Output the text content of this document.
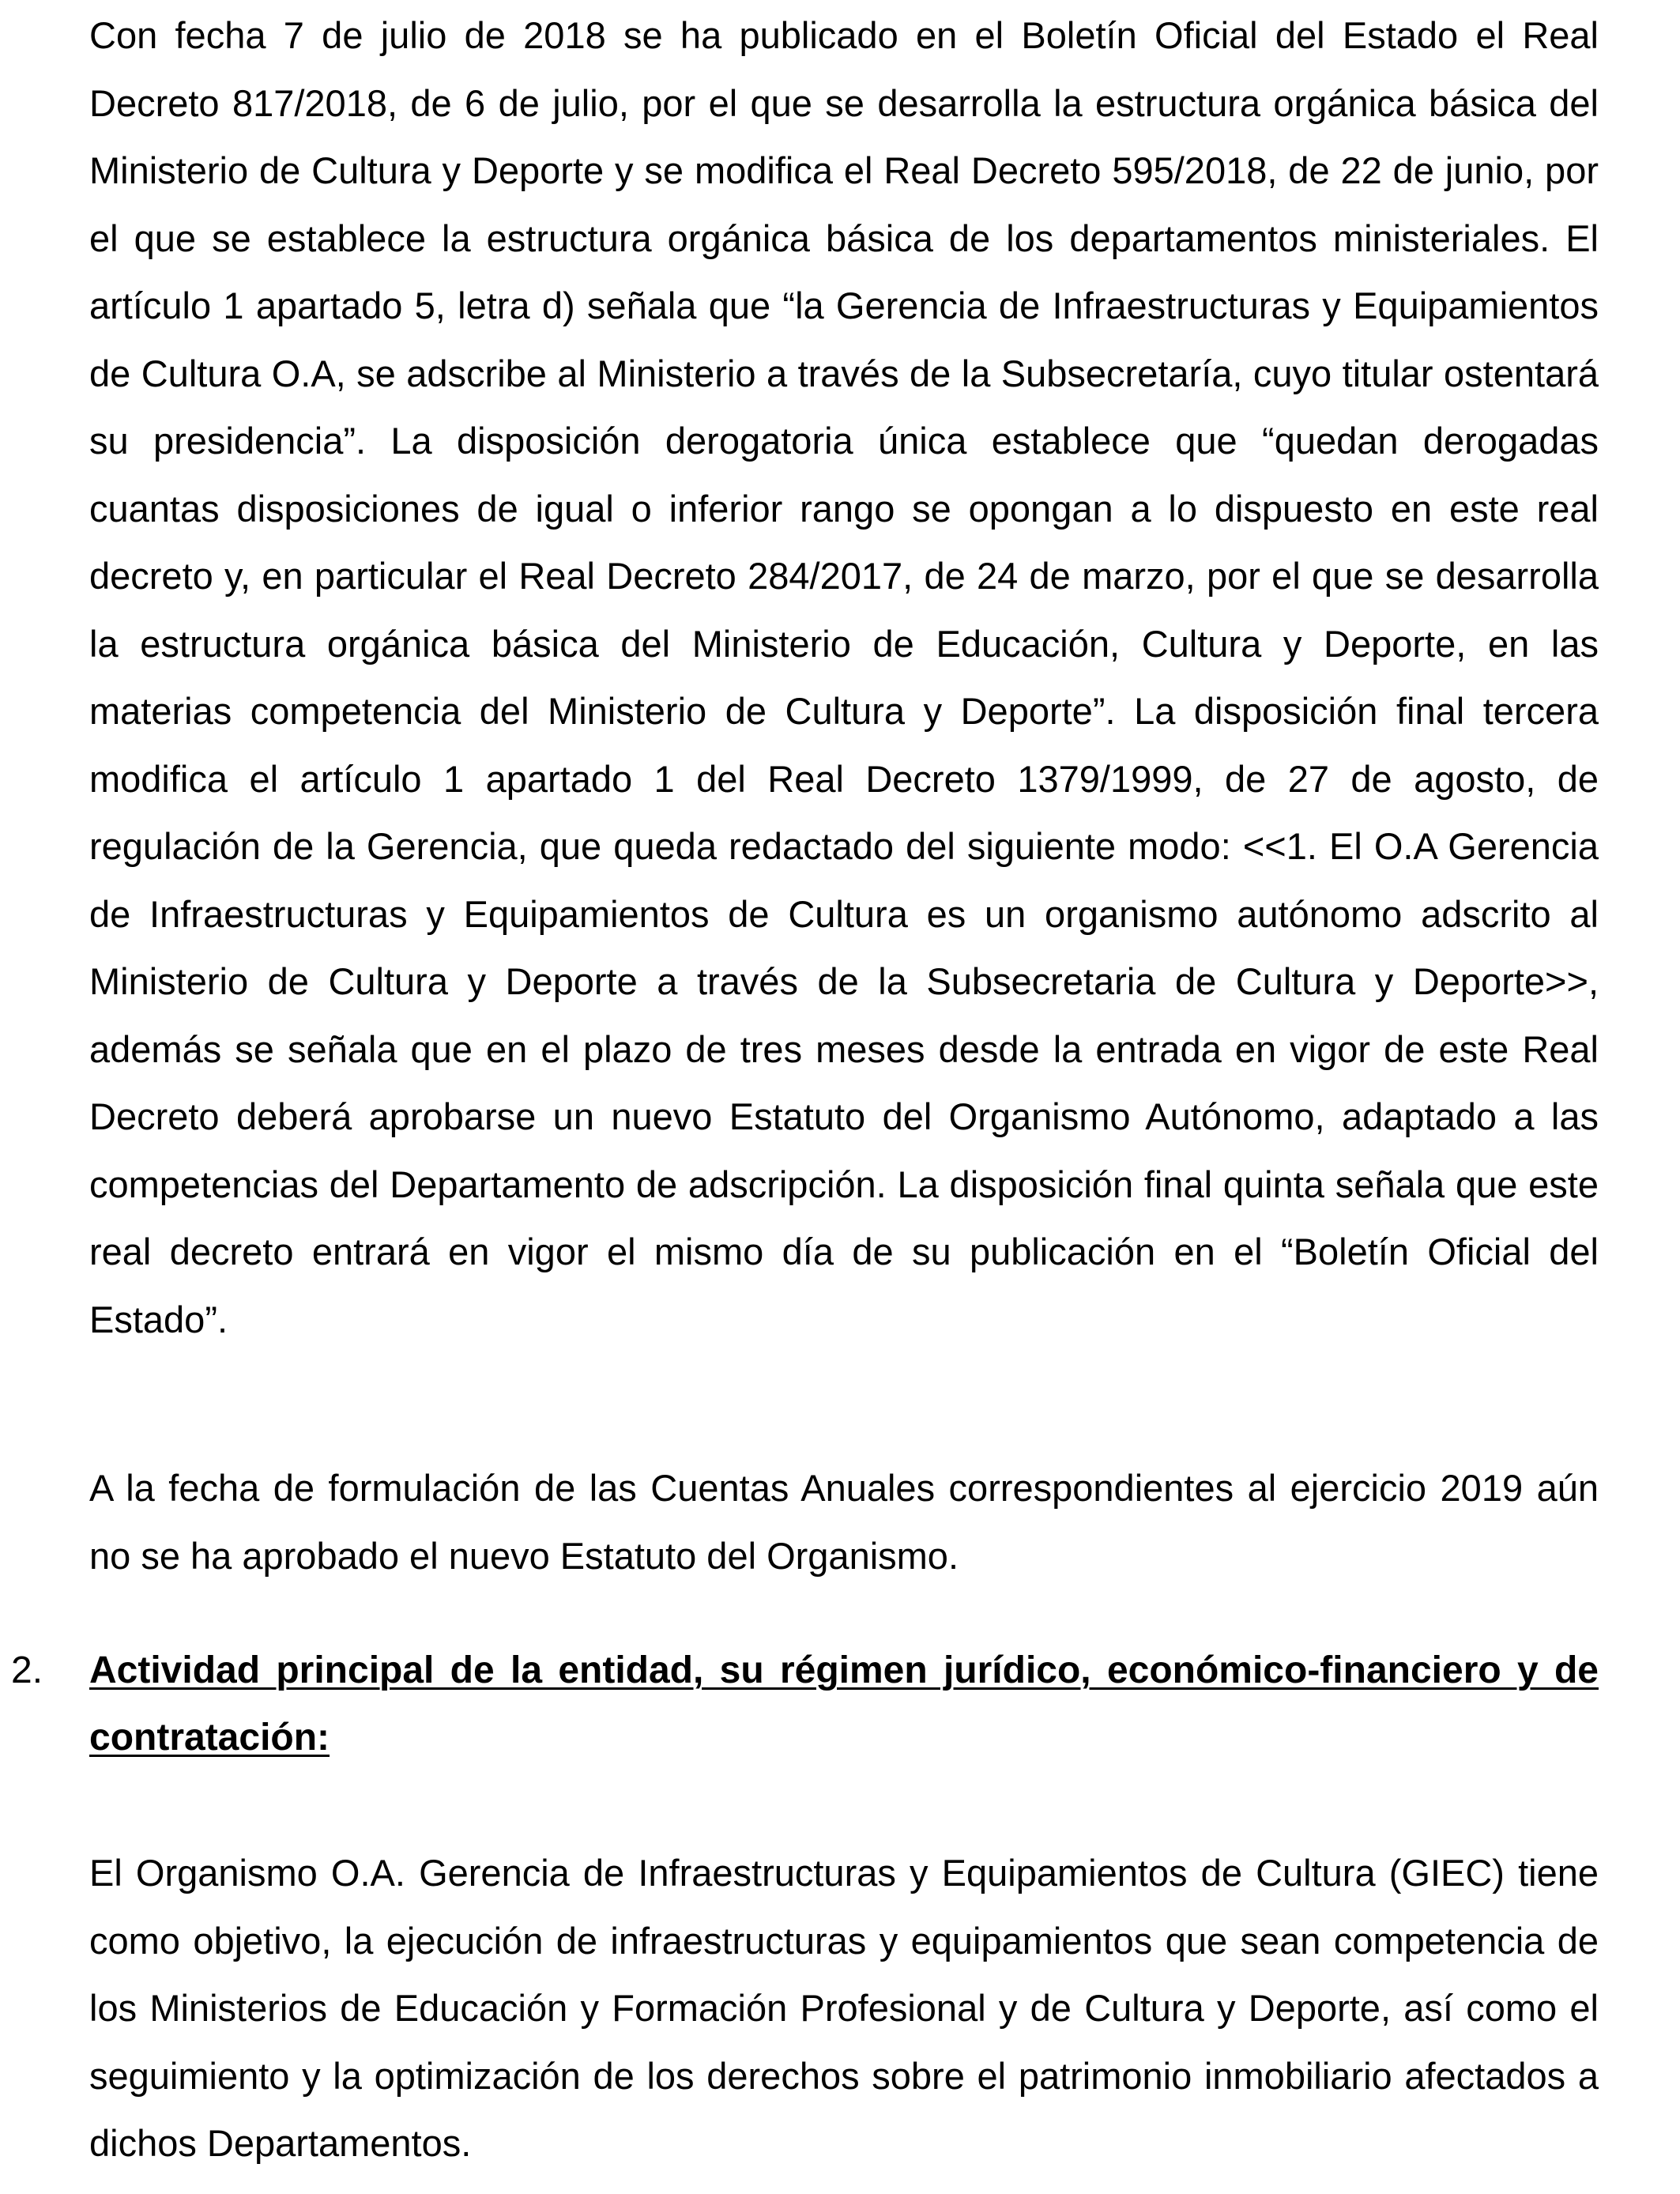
Con fecha 7 de julio de 2018 se ha publicado en el Boletín Oficial del Estado el Real Decreto 817/2018, de 6 de julio, por el que se desarrolla la estructura orgánica básica del Ministerio de Cultura y Deporte y se modifica el Real Decreto 595/2018, de 22 de junio, por el que se establece la estructura orgánica básica de los departamentos ministeriales. El artículo 1 apartado 5, letra d) señala que “la Gerencia de Infraestructuras y Equipamientos de Cultura O.A, se adscribe al Ministerio a través de la Subsecretaría, cuyo titular ostentará su presidencia”. La disposición derogatoria única establece que “quedan derogadas cuantas disposiciones de igual o inferior rango se opongan a lo dispuesto en este real decreto y, en particular el Real Decreto 284/2017, de 24 de marzo, por el que se desarrolla la estructura orgánica básica del Ministerio de Educación, Cultura y Deporte, en las materias competencia del Ministerio de Cultura y Deporte”. La disposición final tercera modifica el artículo 1 apartado 1 del Real Decreto 1379/1999, de 27 de agosto, de regulación de la Gerencia, que queda redactado del siguiente modo: <<1. El O.A Gerencia de Infraestructuras y Equipamientos de Cultura es un organismo autónomo adscrito al Ministerio de Cultura y Deporte a través de la Subsecretaria de Cultura y Deporte>>, además se señala que en el plazo de tres meses desde la entrada en vigor de este Real Decreto deberá aprobarse un nuevo Estatuto del Organismo Autónomo, adaptado a las competencias del Departamento de adscripción. La disposición final quinta señala que este real decreto entrará en vigor el mismo día de su publicación en el “Boletín Oficial del Estado”.

A la fecha de formulación de las Cuentas Anuales correspondientes al ejercicio 2019 aún no se ha aprobado el nuevo Estatuto del Organismo.

2. Actividad principal de la entidad, su régimen jurídico, económico-financiero y de contratación:

El Organismo O.A. Gerencia de Infraestructuras y Equipamientos de Cultura (GIEC) tiene como objetivo, la ejecución de infraestructuras y equipamientos que sean competencia de los Ministerios de Educación y Formación Profesional y de Cultura y Deporte, así como el seguimiento y la optimización de los derechos sobre el patrimonio inmobiliario afectados a dichos Departamentos.
